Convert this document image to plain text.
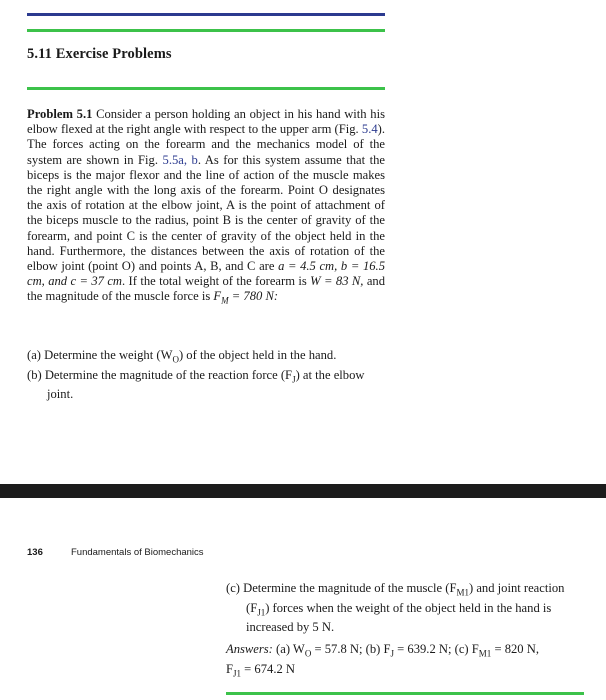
5.11 Exercise Problems

Problem 5.1 Consider a person holding an object in his hand with his elbow flexed at the right angle with respect to the upper arm (Fig. 5.4). The forces acting on the forearm and the mechanics model of the system are shown in Fig. 5.5a, b. As for this system assume that the biceps is the major flexor and the line of action of the muscle makes the right angle with the long axis of the forearm. Point O designates the axis of rotation at the elbow joint, A is the point of attachment of the biceps muscle to the radius, point B is the center of gravity of the forearm, and point C is the center of gravity of the object held in the hand. Furthermore, the distances between the axis of rotation of the elbow joint (point O) and points A, B, and C are a = 4.5 cm, b = 16.5 cm, and c = 37 cm. If the total weight of the forearm is W = 83 N, and the magnitude of the muscle force is $F_M = 780$ N:

(a) Determine the weight $(W_O)$ of the object held in the hand.
(b) Determine the magnitude of the reaction force $(F_J)$ at the elbow joint.

136	Fundamentals of Biomechanics

(c) Determine the magnitude of the muscle $(F_{M1})$ and joint reaction $(F_{J1})$ forces when the weight of the object held in the hand is increased by 5 N.

Answers: (a) $W_O = 57.8$ N; (b) $F_J = 639.2$ N; (c) $F_{M1} = 820$ N,
$F_{J1} = 674.2$ N
